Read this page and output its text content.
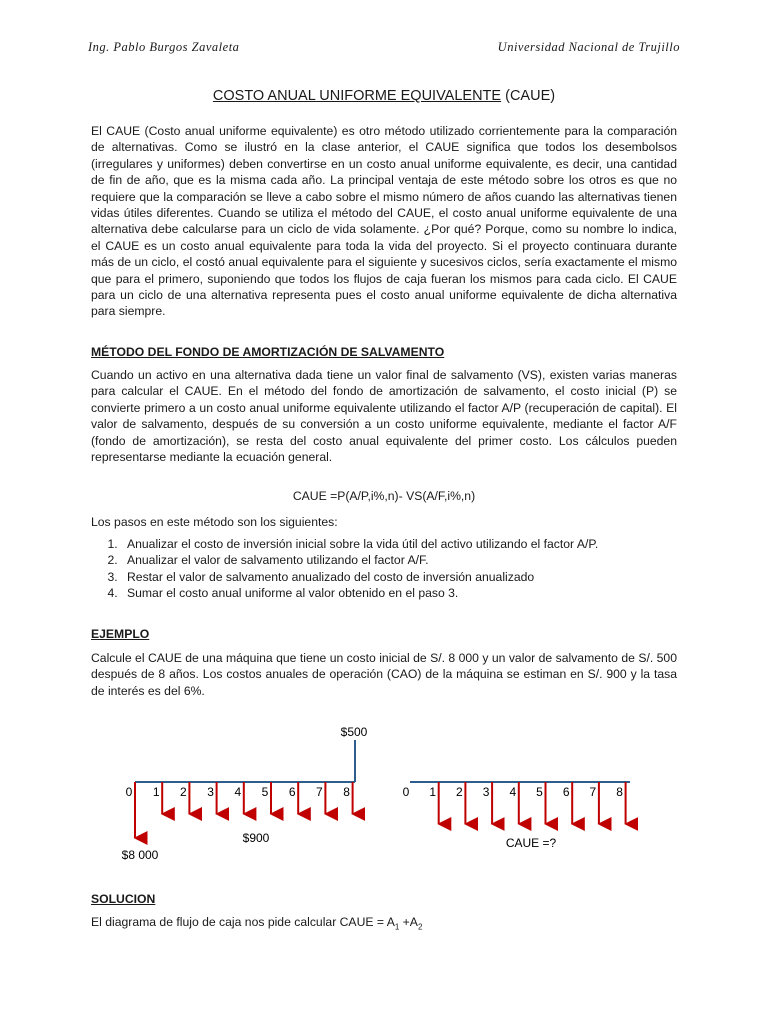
Ing. Pablo Burgos Zavaleta	Universidad Nacional de Trujillo
COSTO ANUAL UNIFORME EQUIVALENTE (CAUE)
El CAUE (Costo anual uniforme equivalente) es otro método utilizado corrientemente para la comparación de alternativas. Como se ilustró en la clase anterior, el CAUE significa que todos los desembolsos (irregulares y uniformes) deben convertirse en un costo anual uniforme equivalente, es decir, una cantidad de fin de año, que es la misma cada año. La principal ventaja de este método sobre los otros es que no requiere que la comparación se lleve a cabo sobre el mismo número de años cuando las alternativas tienen vidas útiles diferentes. Cuando se utiliza el método del CAUE, el costo anual uniforme equivalente de una alternativa debe calcularse para un ciclo de vida solamente. ¿Por qué? Porque, como su nombre lo indica, el CAUE es un costo anual equivalente para toda la vida del proyecto. Si el proyecto continuara durante más de un ciclo, el costó anual equivalente para el siguiente y sucesivos ciclos, sería exactamente el mismo que para el primero, suponiendo que todos los flujos de caja fueran los mismos para cada ciclo. El CAUE para un ciclo de una alternativa representa pues el costo anual uniforme equivalente de dicha alternativa para siempre.
MÉTODO DEL FONDO DE AMORTIZACIÓN DE SALVAMENTO
Cuando un activo en una alternativa dada tiene un valor final de salvamento (VS), existen varias maneras para calcular el CAUE. En el método del fondo de amortización de salvamento, el costo inicial (P) se convierte primero a un costo anual uniforme equivalente utilizando el factor A/P (recuperación de capital). El valor de salvamento, después de su conversión a un costo uniforme equivalente, mediante el factor A/F (fondo de amortización), se resta del costo anual equivalente del primer costo. Los cálculos pueden representarse mediante la ecuación general.
CAUE =P(A/P,i%,n)- VS(A/F,i%,n)
Los pasos en este método son los siguientes:
1. Anualizar el costo de inversión inicial sobre la vida útil del activo utilizando el factor A/P.
2. Anualizar el valor de salvamento utilizando el factor A/F.
3. Restar el valor de salvamento anualizado del costo de inversión anualizado
4. Sumar el costo anual uniforme al valor obtenido en el paso 3.
EJEMPLO
Calcule el CAUE de una máquina que tiene un costo inicial de S/. 8 000 y un valor de salvamento de S/. 500 después de 8 años. Los costos anuales de operación (CAO) de la máquina se estiman en S/. 900 y la tasa de interés es del 6%.
0 1 2 3 4 5 6 7 8
$500
$900
$8 000
0 1 2 3 4 5 6 7 8
CAUE =?
SOLUCION
El diagrama de flujo de caja nos pide calcular CAUE = $A_1 +A_2$
